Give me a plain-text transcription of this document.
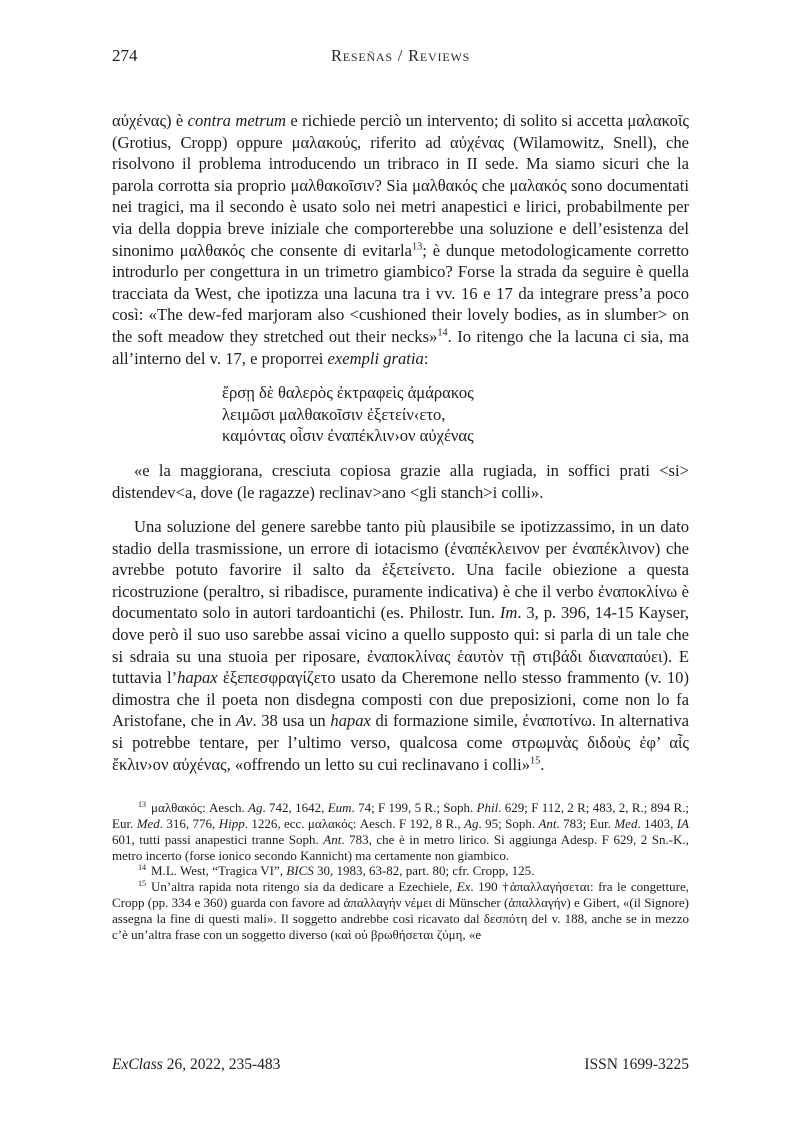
274	Reseñas / Reviews

αὐχένας) è contra metrum e richiede perciò un intervento; di solito si accetta μαλακοῖς (Grotius, Cropp) oppure μαλακούς, riferito ad αὐχένας (Wilamowitz, Snell), che risolvono il problema introducendo un tribraco in II sede. Ma siamo sicuri che la parola corrotta sia proprio μαλθακοῖσιν? Sia μαλθακός che μαλακός sono documentati nei tragici, ma il secondo è usato solo nei metri anapestici e lirici, probabilmente per via della doppia breve iniziale che comporterebbe una soluzione e dell’esistenza del sinonimo μαλθακός che consente di evitarla$^{13}$; è dunque metodologicamente corretto introdurlo per congettura in un trimetro giambico? Forse la strada da seguire è quella tracciata da West, che ipotizza una lacuna tra i vv. 16 e 17 da integrare press’a poco così: «The dew-fed marjoram also <cushioned their lovely bodies, as in slumber> on the soft meadow they stretched out their necks»$^{14}$. Io ritengo che la lacuna ci sia, ma all’interno del v. 17, e proporrei exempli gratia:

ἔρσῃ δὲ θαλερὸς ἐκτραφεὶς ἀμάρακος
λειμῶσι μαλθακοῖσιν ἐξετείν‹ετο,
καμόντας οἷσιν ἐναπέκλιν›ον αὐχένας

«e la maggiorana, cresciuta copiosa grazie alla rugiada, in soffici prati <si> distendev<a, dove (le ragazze) reclinav>ano <gli stanch>i colli».

Una soluzione del genere sarebbe tanto più plausibile se ipotizzassimo, in un dato stadio della trasmissione, un errore di iotacismo (ἐναπέκλεινον per ἐναπέκλινον) che avrebbe potuto favorire il salto da ἐξετείνετο. Una facile obiezione a questa ricostruzione (peraltro, si ribadisce, puramente indicativa) è che il verbo ἐναποκλίνω è documentato solo in autori tardoantichi (es. Philostr. Iun. Im. 3, p. 396, 14-15 Kayser, dove però il suo uso sarebbe assai vicino a quello supposto qui: si parla di un tale che si sdraia su una stuoia per riposare, ἐναποκλίνας ἑαυτὸν τῇ στιβάδι διαναπαύει). E tuttavia l’hapax ἐξεπεσφραγίζετο usato da Cheremone nello stesso frammento (v. 10) dimostra che il poeta non disdegna composti con due preposizioni, come non lo fa Aristofane, che in Av. 38 usa un hapax di formazione simile, ἐναποτίνω. In alternativa si potrebbe tentare, per l’ultimo verso, qualcosa come στρωμνὰς διδοὺς ἐφ’ αἷς ἔκλιν›ον αὐχένας, «offrendo un letto su cui reclinavano i colli»$^{15}$.

$^{13}$ μαλθακός: Aesch. Ag. 742, 1642, Eum. 74; F 199, 5 R.; Soph. Phil. 629; F 112, 2 R; 483, 2, R.; 894 R.; Eur. Med. 316, 776, Hipp. 1226, ecc. μαλακός: Aesch. F 192, 8 R., Ag. 95; Soph. Ant. 783; Eur. Med. 1403, IA 601, tutti passi anapestici tranne Soph. Ant. 783, che è in metro lirico. Si aggiunga Adesp. F 629, 2 Sn.-K., metro incerto (forse ionico secondo Kannicht) ma certamente non giambico.

$^{14}$ M.L. West, “Tragica VI”, BICS 30, 1983, 63-82, part. 80; cfr. Cropp, 125.

$^{15}$ Un’altra rapida nota ritengo sia da dedicare a Ezechiele, Ex. 190 †ἀπαλλαγήσεται: fra le congetture, Cropp (pp. 334 e 360) guarda con favore ad ἀπαλλαγήν νέμει di Münscher (ἀπαλλαγήν) e Gibert, «(il Signore) assegna la fine di questi mali». Il soggetto andrebbe così ricavato dal δεσπότη del v. 188, anche se in mezzo c’è un’altra frase con un soggetto diverso (καὶ οὐ βρωθήσεται ζύμη, «e

ExClass 26, 2022, 235-483	ISSN 1699-3225
